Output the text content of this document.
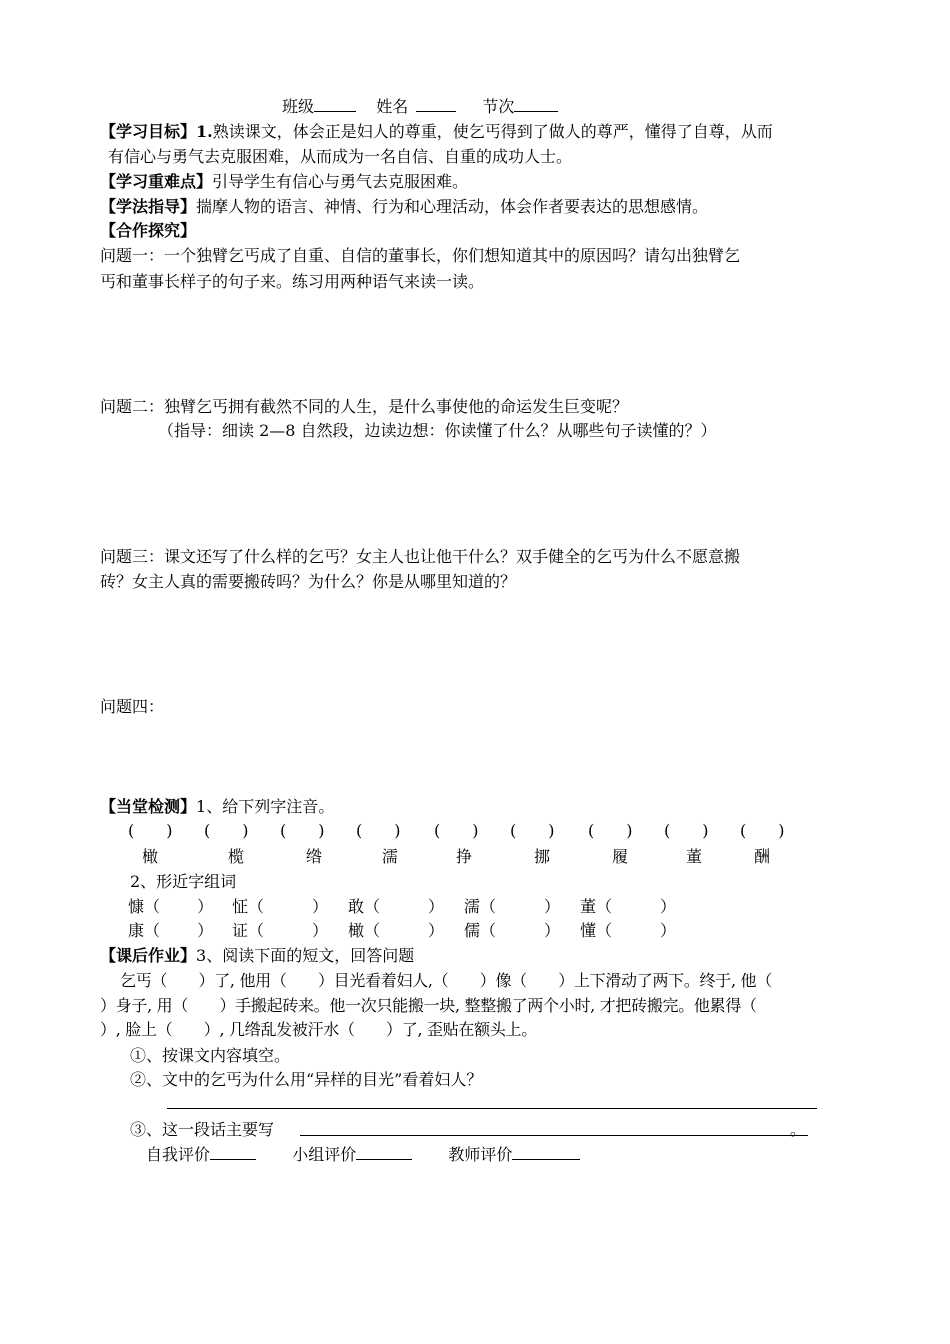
班级	姓名	节次
【学习目标】1.熟读课文，体会正是妇人的尊重，使乞丐得到了做人的尊严，懂得了自尊，从而
有信心与勇气去克服困难，从而成为一名自信、自重的成功人士。
【学习重难点】引导学生有信心与勇气去克服困难。
【学法指导】揣摩人物的语言、神情、行为和心理活动，体会作者要表达的思想感情。
【合作探究】
问题一：一个独臂乞丐成了自重、自信的董事长，你们想知道其中的原因吗？请勾出独臂乞
丐和董事长样子的句子来。练习用两种语气来读一读。
问题二：独臂乞丐拥有截然不同的人生，是什么事使他的命运发生巨变呢？
（指导：细读 2—8 自然段，边读边想：你读懂了什么？从哪些句子读懂的？）
问题三：课文还写了什么样的乞丐？女主人也让他干什么？双手健全的乞丐为什么不愿意搬
砖？女主人真的需要搬砖吗？为什么？你是从哪里知道的？
问题四：
【当堂检测】1、给下列字注音。
(　　) (　　) (　　) (　　) (　　) (　　) (　　) (　　) (　　)
橄	榄	绺	濡	挣	挪	履	董	酬
2、形近字组词
慷（　　 ） 怔（　　　） 敢（　　　） 濡（　　　） 董（　　　）
康（　　 ） 证（　　　） 橄（　　　） 儒（　　　） 懂（　　　）
【课后作业】3、阅读下面的短文，回答问题
乞丐（　　）了, 他用（　　）目光看着妇人,（　　）像（　　）上下滑动了两下。终于, 他（
）身子, 用（　　）手搬起砖来。他一次只能搬一块, 整整搬了两个小时, 才把砖搬完。他累得（
）, 脸上（　　）, 几绺乱发被汗水（　　）了, 歪贴在额头上。
①、按课文内容填空。
②、文中的乞丐为什么用“异样的目光”看着妇人？
③、这一段话主要写	。
自我评价	小组评价	教师评价
